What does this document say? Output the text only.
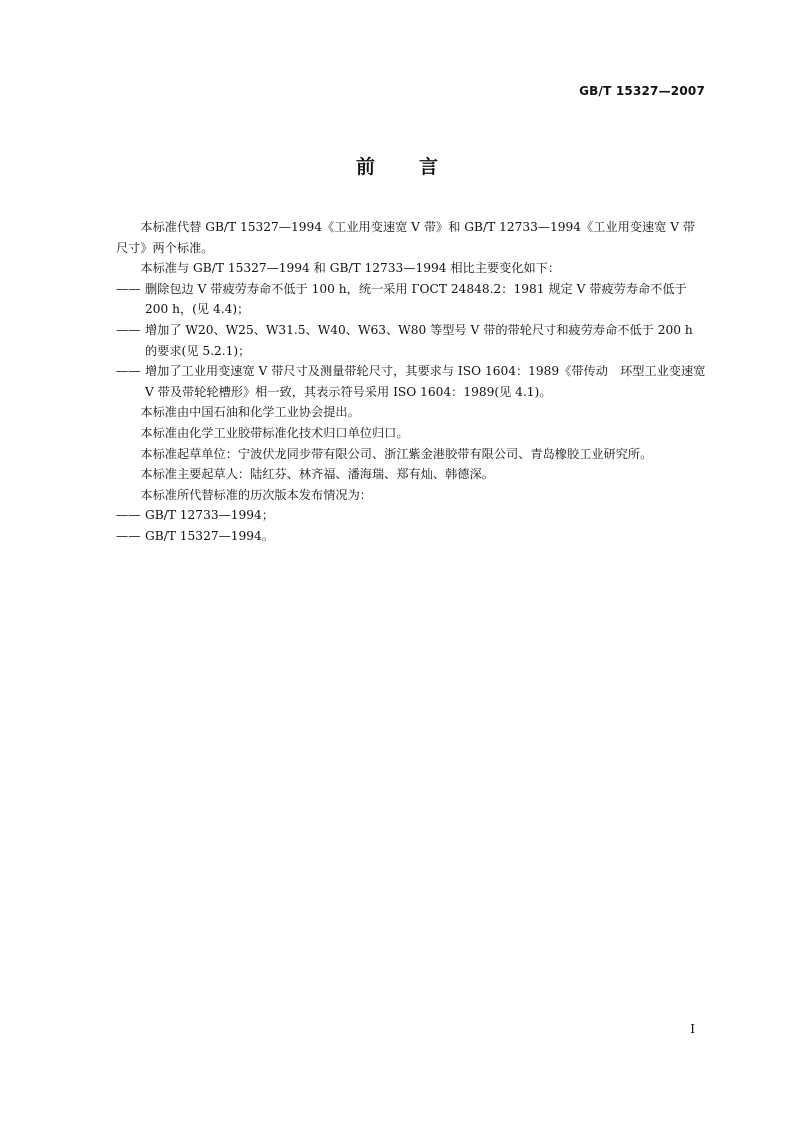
GB/T 15327—2007
前言

本标准代替 GB/T 15327—1994《工业用变速宽 V 带》和 GB/T 12733—1994《工业用变速宽 V 带尺寸》两个标准。

本标准与 GB/T 15327—1994 和 GB/T 12733—1994 相比主要变化如下：

—— 删除包边 V 带疲劳寿命不低于 100 h，统一采用 ГОСТ 24848.2：1981 规定 V 带疲劳寿命不低于 200 h，(见 4.4)；

—— 增加了 W20、W25、W31.5、W40、W63、W80 等型号 V 带的带轮尺寸和疲劳寿命不低于 200 h 的要求(见 5.2.1)；

—— 增加了工业用变速宽 V 带尺寸及测量带轮尺寸，其要求与 ISO 1604：1989《带传动　环型工业变速宽 V 带及带轮轮槽形》相一致，其表示符号采用 ISO 1604：1989(见 4.1)。

本标准由中国石油和化学工业协会提出。

本标准由化学工业胶带标准化技术归口单位归口。

本标准起草单位：宁波伏龙同步带有限公司、浙江紫金港胶带有限公司、青岛橡胶工业研究所。

本标准主要起草人：陆红芬、林齐福、潘海瑞、郑有灿、韩德深。

本标准所代替标准的历次版本发布情况为：

—— GB/T 12733—1994；

—— GB/T 15327—1994。

I
